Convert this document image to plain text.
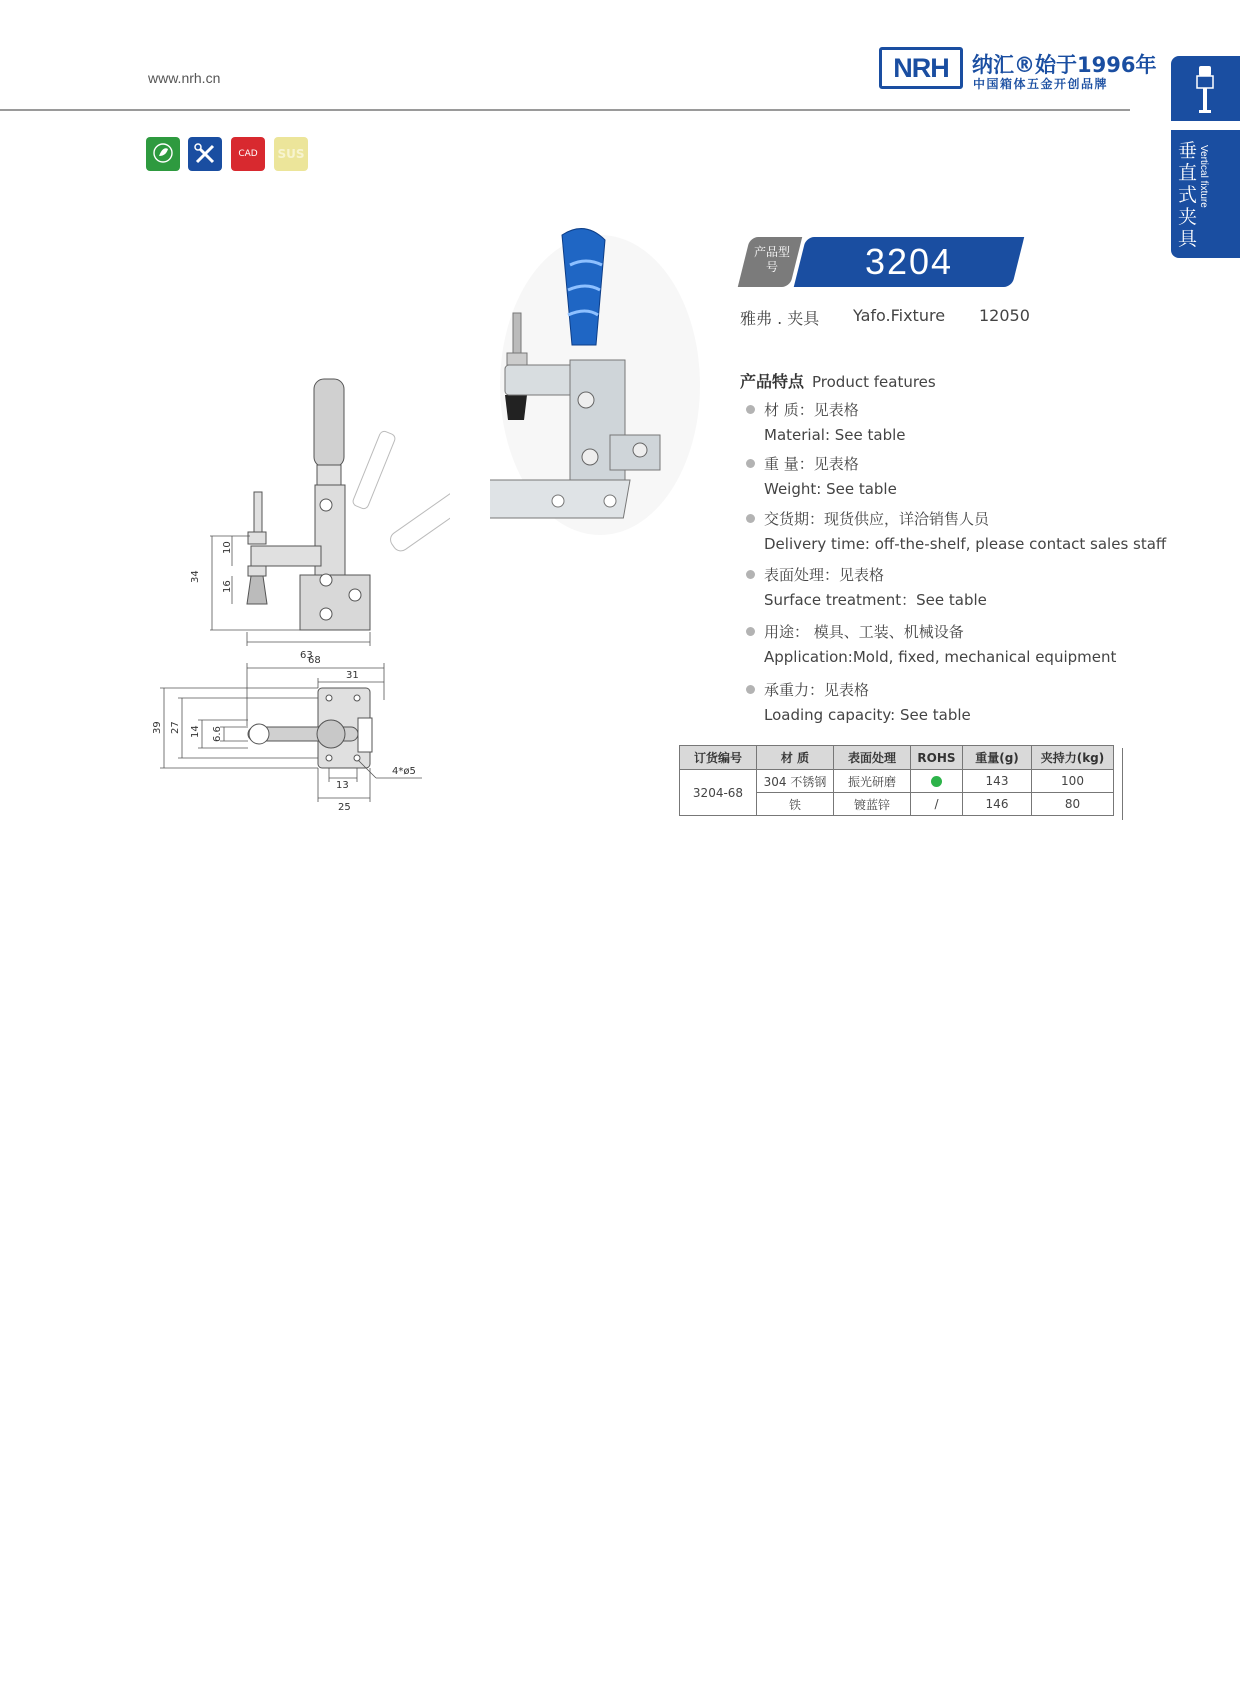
www.nrh.cn	NRH	纳汇®始于1996年
中国箱体五金开创品牌
垂直式夹具
Vertical fixture
CAD	SUS
34
10
16
63
68
31
39 27 14 6.6
13
25
4*ø5
产品型号	3204
雅弗 . 夹具 Yafo.Fixture 12050
产品特点 Product features
材 质：见表格
Material: See table
重 量：见表格
Weight: See table
交货期：现货供应，详洽销售人员
Delivery time: off-the-shelf, please contact sales staff
表面处理：见表格
Surface treatment：See table
用途： 模具、工装、机械设备
Application:Mold, fixed, mechanical equipment
承重力：见表格
Loading capacity: See table
订货编号	材 质	表面处理	ROHS	重量(g)	夹持力(kg)
3204-68	304 不锈钢	振光研磨		143	100
	铁	镀蓝锌	/	146	80
